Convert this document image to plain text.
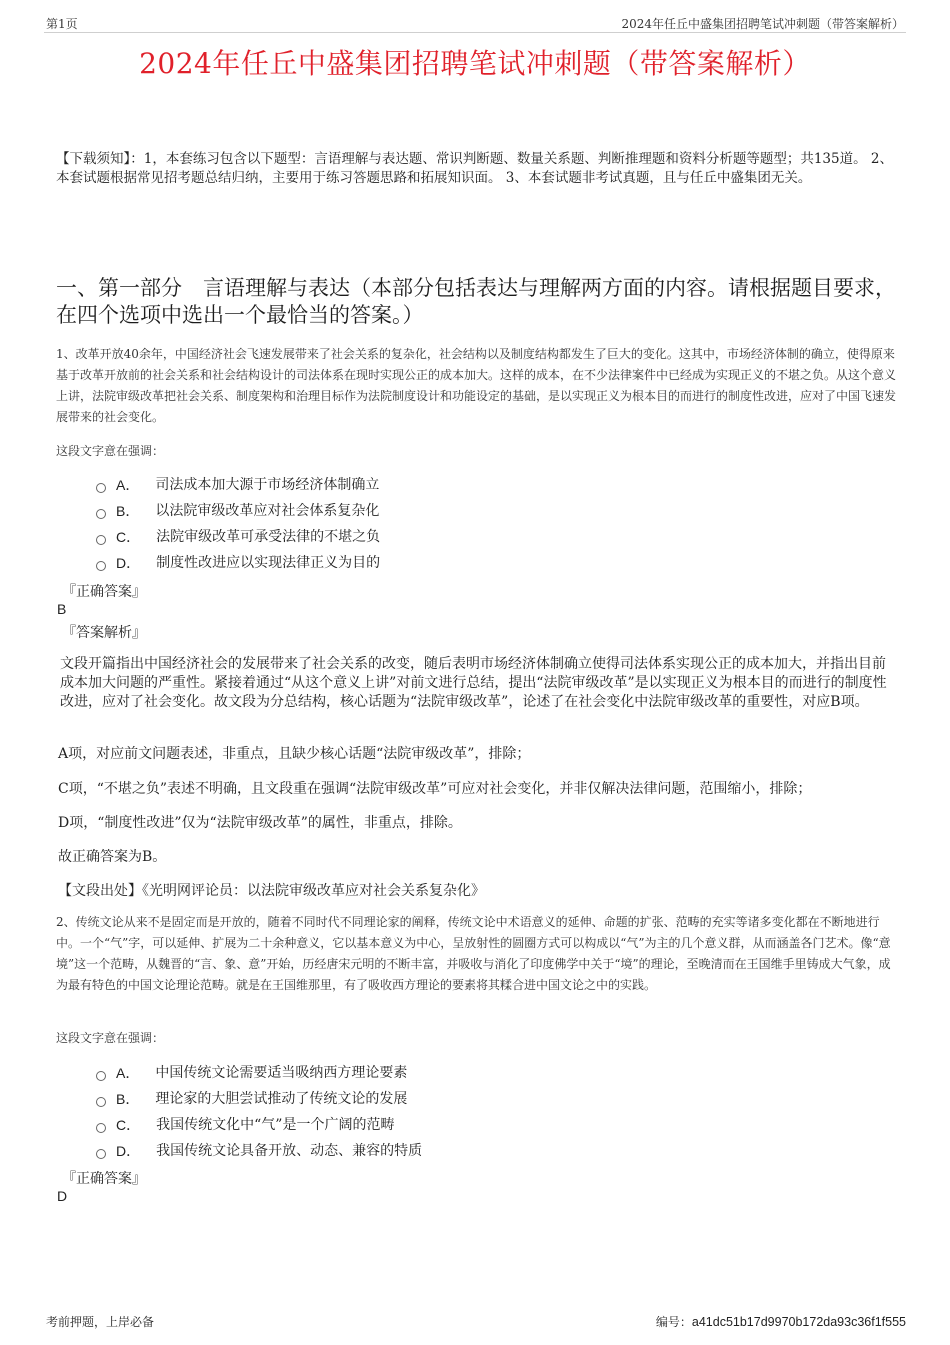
第1页	2024年任丘中盛集团招聘笔试冲刺题（带答案解析）
2024年任丘中盛集团招聘笔试冲刺题（带答案解析）
【下载须知】：1，本套练习包含以下题型：言语理解与表达题、常识判断题、数量关系题、判断推理题和资料分析题等题型；共135道。 2、本套试题根据常见招考题总结归纳，主要用于练习答题思路和拓展知识面。 3、本套试题非考试真题，且与任丘中盛集团无关。
一、第一部分　言语理解与表达（本部分包括表达与理解两方面的内容。请根据题目要求，在四个选项中选出一个最恰当的答案。）
1、改革开放40余年，中国经济社会飞速发展带来了社会关系的复杂化，社会结构以及制度结构都发生了巨大的变化。这其中，市场经济体制的确立，使得原来基于改革开放前的社会关系和社会结构设计的司法体系在现时实现公正的成本加大。这样的成本，在不少法律案件中已经成为实现正义的不堪之负。从这个意义上讲，法院审级改革把社会关系、制度架构和治理目标作为法院制度设计和功能设定的基础，是以实现正义为根本目的而进行的制度性改进，应对了中国飞速发展带来的社会变化。
这段文字意在强调：
A． 司法成本加大源于市场经济体制确立
B． 以法院审级改革应对社会体系复杂化
C． 法院审级改革可承受法律的不堪之负
D． 制度性改进应以实现法律正义为目的
『正确答案』
B
『答案解析』
文段开篇指出中国经济社会的发展带来了社会关系的改变，随后表明市场经济体制确立使得司法体系实现公正的成本加大，并指出目前成本加大问题的严重性。紧接着通过“从这个意义上讲”对前文进行总结，提出“法院审级改革”是以实现正义为根本目的而进行的制度性改进，应对了社会变化。故文段为分总结构，核心话题为“法院审级改革”，论述了在社会变化中法院审级改革的重要性，对应B项。
A项，对应前文问题表述，非重点，且缺少核心话题“法院审级改革”，排除；
C项，“不堪之负”表述不明确，且文段重在强调“法院审级改革”可应对社会变化，并非仅解决法律问题，范围缩小，排除；
D项，“制度性改进”仅为“法院审级改革”的属性，非重点，排除。
故正确答案为B。
【文段出处】《光明网评论员：以法院审级改革应对社会关系复杂化》
2、传统文论从来不是固定而是开放的，随着不同时代不同理论家的阐释，传统文论中术语意义的延伸、命题的扩张、范畴的充实等诸多变化都在不断地进行中。一个“气”字，可以延伸、扩展为二十余种意义，它以基本意义为中心，呈放射性的圆圈方式可以构成以“气”为主的几个意义群，从而涵盖各门艺术。像“意境”这一个范畴，从魏晋的“言、象、意”开始，历经唐宋元明的不断丰富，并吸收与消化了印度佛学中关于“境”的理论，至晚清而在王国维手里铸成大气象，成为最有特色的中国文论理论范畴。就是在王国维那里，有了吸收西方理论的要素将其糅合进中国文论之中的实践。
这段文字意在强调：
A． 中国传统文论需要适当吸纳西方理论要素
B． 理论家的大胆尝试推动了传统文论的发展
C． 我国传统文化中“气”是一个广阔的范畴
D． 我国传统文论具备开放、动态、兼容的特质
『正确答案』
D
考前押题，上岸必备	编号：a41dc51b17d9970b172da93c36f1f555
